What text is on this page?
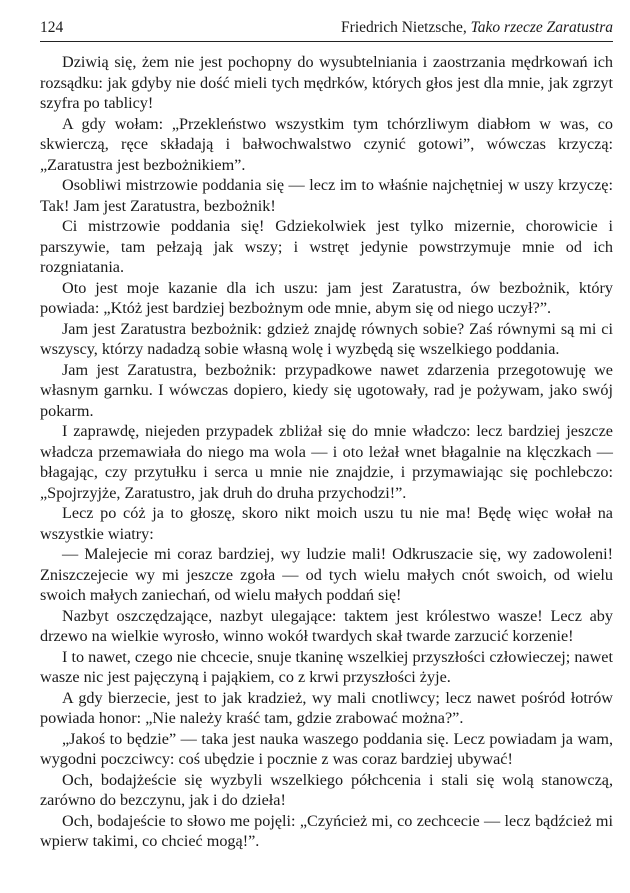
124	Friedrich Nietzsche, Tako rzecze Zaratustra

Dziwią się, żem nie jest pochopny do wysubtelniania i zaostrzania mędrkowań ich rozsądku: jak gdyby nie dość mieli tych mędrków, których głos jest dla mnie, jak zgrzyt szyfra po tablicy!

A gdy wołam: „Przekleństwo wszystkim tym tchórzliwym diabłom w was, co skwierczą, ręce składają i bałwochwalstwo czynić gotowi”, wówczas krzyczą: „Zaratustra jest bezbożnikiem”.

Osobliwi mistrzowie poddania się — lecz im to właśnie najchętniej w uszy krzyczę: Tak! Jam jest Zaratustra, bezbożnik!

Ci mistrzowie poddania się! Gdziekolwiek jest tylko mizernie, chorowicie i parszywie, tam pełzają jak wszy; i wstręt jedynie powstrzymuje mnie od ich rozgniatania.

Oto jest moje kazanie dla ich uszu: jam jest Zaratustra, ów bezbożnik, który powiada: „Któż jest bardziej bezbożnym ode mnie, abym się od niego uczył?”.

Jam jest Zaratustra bezbożnik: gdzież znajdę równych sobie? Zaś równymi są mi ci wszyscy, którzy nadadzą sobie własną wolę i wyzbędą się wszelkiego poddania.

Jam jest Zaratustra, bezbożnik: przypadkowe nawet zdarzenia przegotowuję we własnym garnku. I wówczas dopiero, kiedy się ugotowały, rad je pożywam, jako swój pokarm.

I zaprawdę, niejeden przypadek zbliżał się do mnie władczo: lecz bardziej jeszcze władcza przemawiała do niego ma wola — i oto leżał wnet błagalnie na klęczkach — błagając, czy przytułku i serca u mnie nie znajdzie, i przymawiając się pochlebczo: „Spojrzyjże, Zaratustro, jak druh do druha przychodzi!”.

Lecz po cóż ja to głoszę, skoro nikt moich uszu tu nie ma! Będę więc wołał na wszystkie wiatry:

— Malejecie mi coraz bardziej, wy ludzie mali! Odkruszacie się, wy zadowoleni! Zniszczejecie wy mi jeszcze zgoła — od tych wielu małych cnót swoich, od wielu swoich małych zaniechań, od wielu małych poddań się!

Nazbyt oszczędzające, nazbyt ulegające: taktem jest królestwo wasze! Lecz aby drzewo na wielkie wyrosło, winno wokół twardych skał twarde zarzucić korzenie!

I to nawet, czego nie chcecie, snuje tkaninę wszelkiej przyszłości człowieczej; nawet wasze nic jest pajęczyną i pająkiem, co z krwi przyszłości żyje.

A gdy bierzecie, jest to jak kradzież, wy mali cnotliwcy; lecz nawet pośród łotrów powiada honor: „Nie należy kraść tam, gdzie zrabować można?”.

„Jakoś to będzie” — taka jest nauka waszego poddania się. Lecz powiadam ja wam, wygodni poczciwcy: coś ubędzie i pocznie z was coraz bardziej ubywać!

Och, bodajżeście się wyzbyli wszelkiego półchcenia i stali się wolą stanowczą, zarówno do bezczynu, jak i do dzieła!

Och, bodajeście to słowo me pojęli: „Czyńcież mi, co zechcecie — lecz bądźcież mi wpierw takimi, co chcieć mogą!”.
